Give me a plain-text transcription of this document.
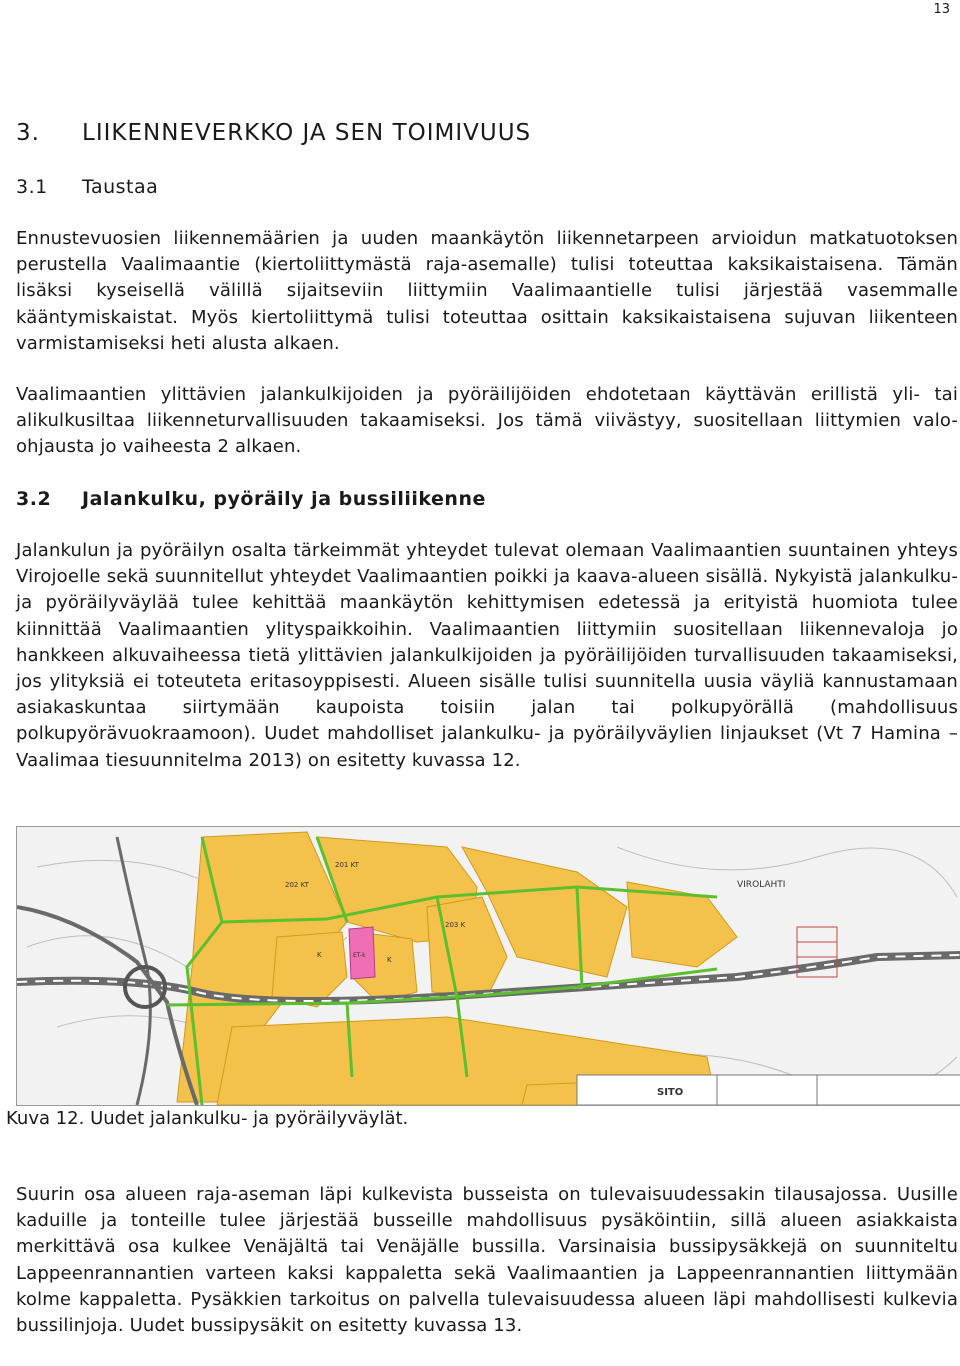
13
3. LIIKENNEVERKKO JA SEN TOIMIVUUS
3.1 Taustaa

Ennustevuosien liikennemäärien ja uuden maankäytön liikennetarpeen arvioidun matkatuotoksen perustella Vaalimaantie (kiertoliittymästä raja-asemalle) tulisi toteuttaa kaksikaistaisena. Tämän lisäksi kyseisellä välillä sijaitseviin liittymiin Vaalimaantielle tulisi järjestää vasemmalle kääntymiskaistat. Myös kiertoliittymä tulisi toteuttaa osittain kaksikaistaisena sujuvan liikenteen varmistamiseksi heti alusta alkaen.

Vaalimaantien ylittävien jalankulkijoiden ja pyöräilijöiden ehdotetaan käyttävän erillistä yli- tai alikulkusiltaa liikenneturvallisuuden takaamiseksi. Jos tämä viivästyy, suositellaan liittymien valo-ohjausta jo vaiheesta 2 alkaen.

3.2 Jalankulku, pyöräily ja bussiliikenne

Jalankulun ja pyöräilyn osalta tärkeimmät yhteydet tulevat olemaan Vaalimaantien suuntainen yhteys Virojoelle sekä suunnitellut yhteydet Vaalimaantien poikki ja kaava-alueen sisällä. Nykyistä jalankulku- ja pyöräilyväylää tulee kehittää maankäytön kehittymisen edetessä ja erityistä huomiota tulee kiinnittää Vaalimaantien ylityspaikkoihin. Vaalimaantien liittymiin suositellaan liikennevaloja jo hankkeen alkuvaiheessa tietä ylittävien jalankulkijoiden ja pyöräilijöiden turvallisuuden takaamiseksi, jos ylityksiä ei toteuteta eritasoyppisesti. Alueen sisälle tulisi suunnitella uusia väyliä kannustamaan asiakaskuntaa siirtymään kaupoista toisiin jalan tai polkupyörällä (mahdollisuus polkupyörävuokraamoon). Uudet mahdolliset jalankulku- ja pyöräilyväylien linjaukset (Vt 7 Hamina – Vaalimaa tiesuunnitelma 2013) on esitetty kuvassa 12.

202 KT
201 KT
203 K
K
K
ET-k
VIROLAHTI
SITO
Kuva 12. Uudet jalankulku- ja pyöräilyväylät.

Suurin osa alueen raja-aseman läpi kulkevista busseista on tulevaisuudessakin tilausajossa. Uusille kaduille ja tonteille tulee järjestää busseille mahdollisuus pysäköintiin, sillä alueen asiakkaista merkittävä osa kulkee Venäjältä tai Venäjälle bussilla. Varsinaisia bussipysäkkejä on suunniteltu Lappeenrannantien varteen kaksi kappaletta sekä Vaalimaantien ja Lappeenrannantien liittymään kolme kappaletta. Pysäkkien tarkoitus on palvella tulevaisuudessa alueen läpi mahdollisesti kulkevia bussilinjoja. Uudet bussipysäkit on esitetty kuvassa 13.
